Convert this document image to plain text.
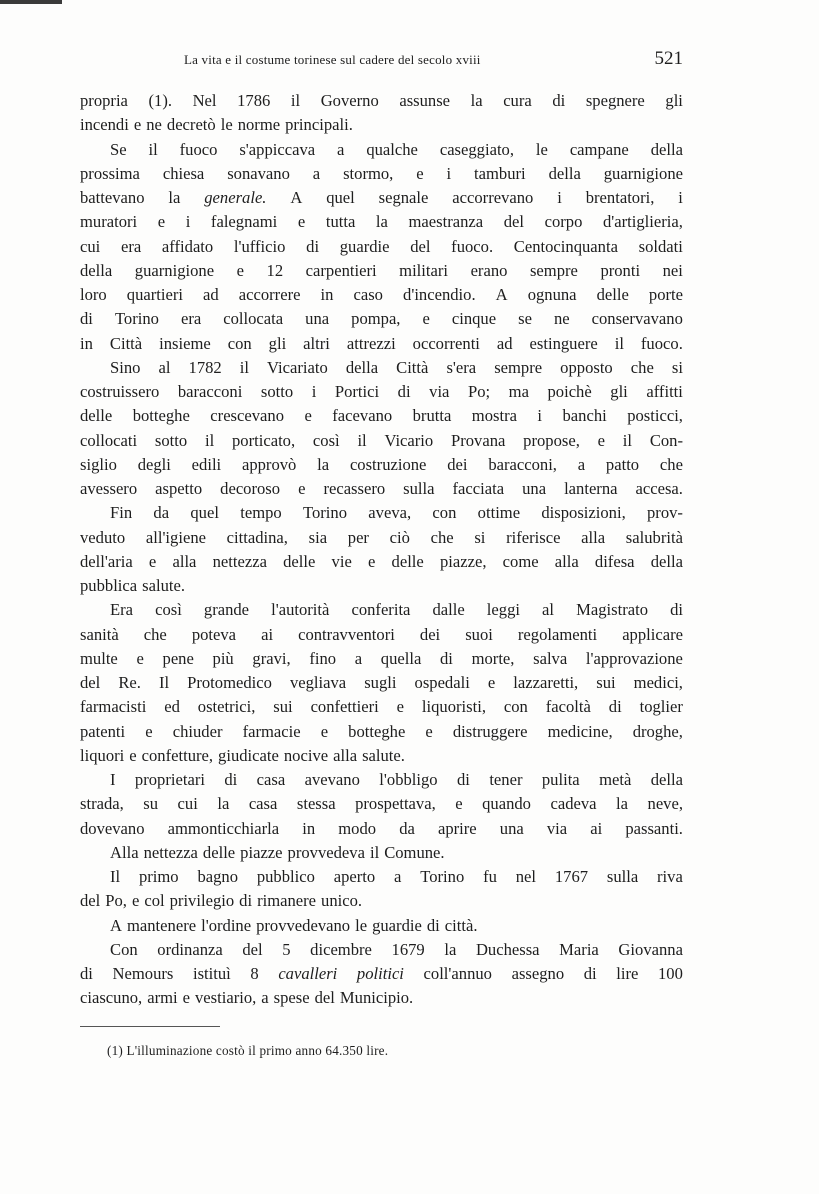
La vita e il costume torinese sul cadere del secolo xviii	521
propria (1). Nel 1786 il Governo assunse la cura di spegnere gli
incendi e ne decretò le norme principali.
Se il fuoco s'appiccava a qualche caseggiato, le campane della
prossima chiesa sonavano a stormo, e i tamburi della guarnigione
battevano la generale. A quel segnale accorrevano i brentatori, i
muratori e i falegnami e tutta la maestranza del corpo d'artiglieria,
cui era affidato l'ufficio di guardie del fuoco. Centocinquanta soldati
della guarnigione e 12 carpentieri militari erano sempre pronti nei
loro quartieri ad accorrere in caso d'incendio. A ognuna delle porte
di Torino era collocata una pompa, e cinque se ne conservavano
in Città insieme con gli altri attrezzi occorrenti ad estinguere il fuoco.
Sino al 1782 il Vicariato della Città s'era sempre opposto che si
costruissero baracconi sotto i Portici di via Po; ma poichè gli affitti
delle botteghe crescevano e facevano brutta mostra i banchi posticci,
collocati sotto il porticato, così il Vicario Provana propose, e il Con-
siglio degli edili approvò la costruzione dei baracconi, a patto che
avessero aspetto decoroso e recassero sulla facciata una lanterna accesa.
Fin da quel tempo Torino aveva, con ottime disposizioni, prov-
veduto all'igiene cittadina, sia per ciò che si riferisce alla salubrità
dell'aria e alla nettezza delle vie e delle piazze, come alla difesa della
pubblica salute.
Era così grande l'autorità conferita dalle leggi al Magistrato di
sanità che poteva ai contravventori dei suoi regolamenti applicare
multe e pene più gravi, fino a quella di morte, salva l'approvazione
del Re. Il Protomedico vegliava sugli ospedali e lazzaretti, sui medici,
farmacisti ed ostetrici, sui confettieri e liquoristi, con facoltà di toglier
patenti e chiuder farmacie e botteghe e distruggere medicine, droghe,
liquori e confetture, giudicate nocive alla salute.
I proprietari di casa avevano l'obbligo di tener pulita metà della
strada, su cui la casa stessa prospettava, e quando cadeva la neve,
dovevano ammonticchiarla in modo da aprire una via ai passanti.
Alla nettezza delle piazze provvedeva il Comune.
Il primo bagno pubblico aperto a Torino fu nel 1767 sulla riva
del Po, e col privilegio di rimanere unico.
A mantenere l'ordine provvedevano le guardie di città.
Con ordinanza del 5 dicembre 1679 la Duchessa Maria Giovanna
di Nemours istituì 8 cavalleri politici coll'annuo assegno di lire 100
ciascuno, armi e vestiario, a spese del Municipio.
(1) L'illuminazione costò il primo anno 64.350 lire.
